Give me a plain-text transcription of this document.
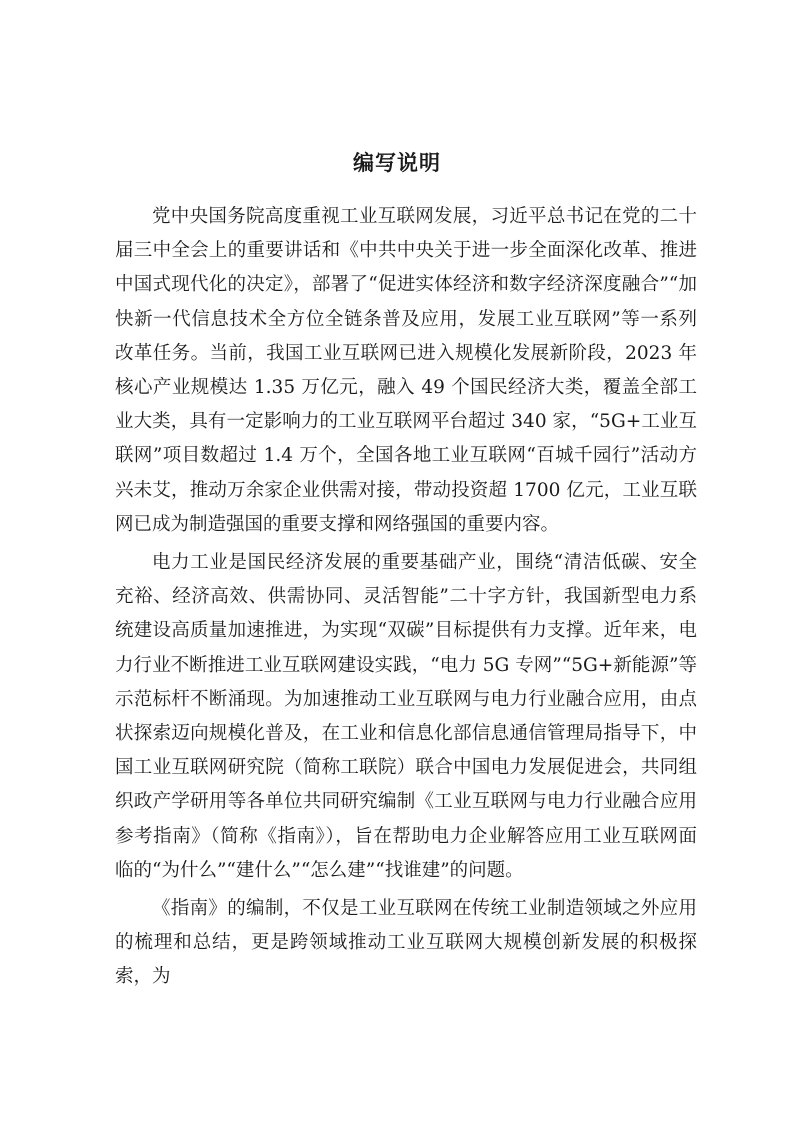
编写说明

党中央国务院高度重视工业互联网发展，习近平总书记在党的二十届三中全会上的重要讲话和《中共中央关于进一步全面深化改革、推进中国式现代化的决定》，部署了“促进实体经济和数字经济深度融合”“加快新一代信息技术全方位全链条普及应用，发展工业互联网”等一系列改革任务。当前，我国工业互联网已进入规模化发展新阶段，2023 年核心产业规模达 1.35 万亿元，融入 49 个国民经济大类，覆盖全部工业大类，具有一定影响力的工业互联网平台超过 340 家，“5G+工业互联网”项目数超过 1.4 万个，全国各地工业互联网“百城千园行”活动方兴未艾，推动万余家企业供需对接，带动投资超 1700 亿元，工业互联网已成为制造强国的重要支撑和网络强国的重要内容。

电力工业是国民经济发展的重要基础产业，围绕“清洁低碳、安全充裕、经济高效、供需协同、灵活智能”二十字方针，我国新型电力系统建设高质量加速推进，为实现“双碳”目标提供有力支撑。近年来，电力行业不断推进工业互联网建设实践，“电力 5G 专网”“5G+新能源”等示范标杆不断涌现。为加速推动工业互联网与电力行业融合应用，由点状探索迈向规模化普及，在工业和信息化部信息通信管理局指导下，中国工业互联网研究院（简称工联院）联合中国电力发展促进会，共同组织政产学研用等各单位共同研究编制《工业互联网与电力行业融合应用参考指南》（简称《指南》），旨在帮助电力企业解答应用工业互联网面临的“为什么”“建什么”“怎么建”“找谁建”的问题。

《指南》的编制，不仅是工业互联网在传统工业制造领域之外应用的梳理和总结，更是跨领域推动工业互联网大规模创新发展的积极探索，为
